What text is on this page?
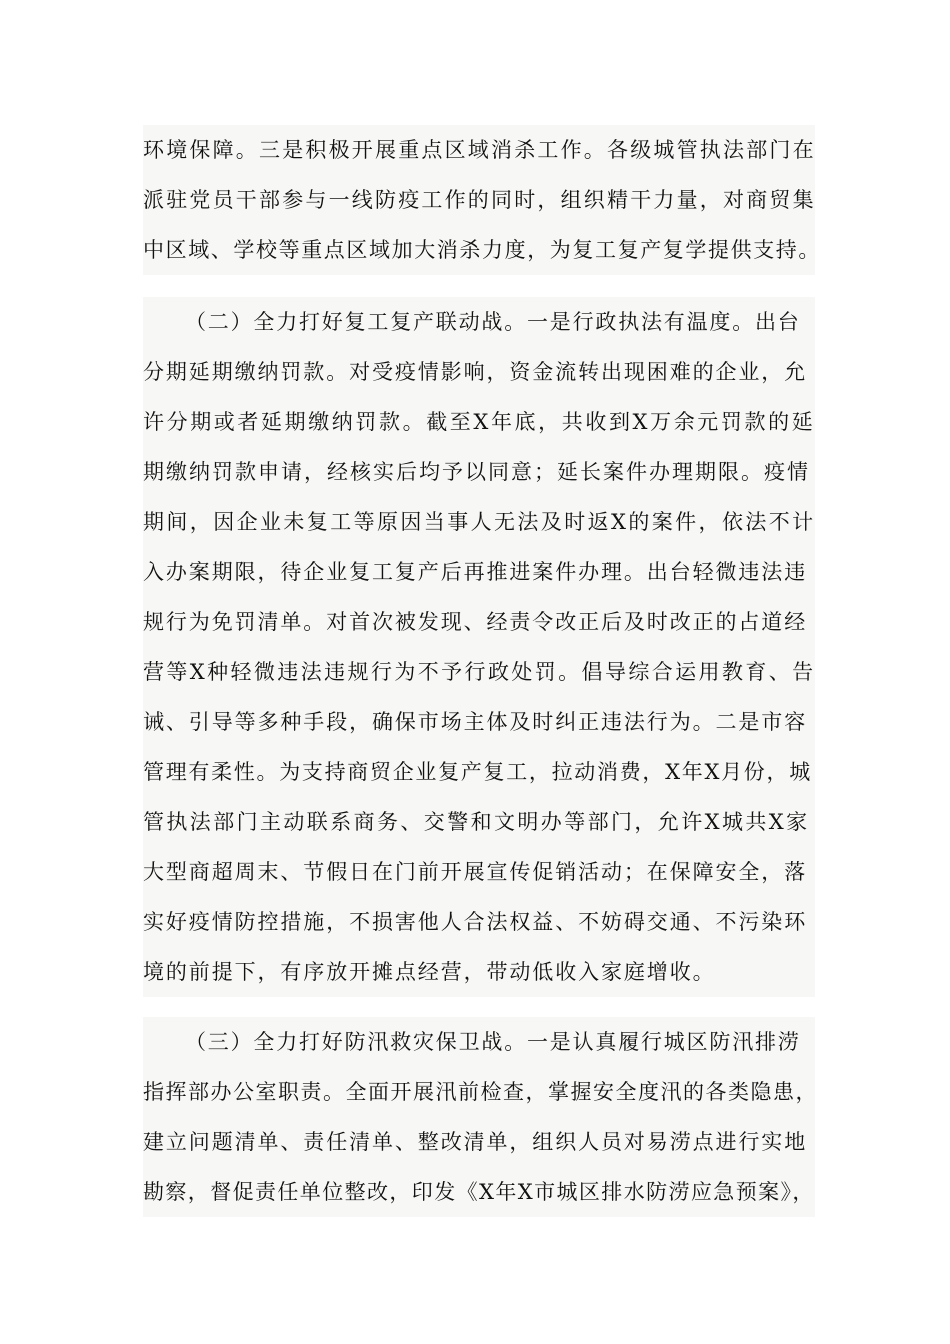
环境保障。三是积极开展重点区域消杀工作。各级城管执法部门在
派驻党员干部参与一线防疫工作的同时，组织精干力量，对商贸集
中区域、学校等重点区域加大消杀力度，为复工复产复学提供支持。
（二）全力打好复工复产联动战。一是行政执法有温度。出台
分期延期缴纳罚款。对受疫情影响，资金流转出现困难的企业，允
许分期或者延期缴纳罚款。截至X年底，共收到X万余元罚款的延
期缴纳罚款申请，经核实后均予以同意；延长案件办理期限。疫情
期间，因企业未复工等原因当事人无法及时返X的案件，依法不计
入办案期限，待企业复工复产后再推进案件办理。出台轻微违法违
规行为免罚清单。对首次被发现、经责令改正后及时改正的占道经
营等X种轻微违法违规行为不予行政处罚。倡导综合运用教育、告
诫、引导等多种手段，确保市场主体及时纠正违法行为。二是市容
管理有柔性。为支持商贸企业复产复工，拉动消费，X年X月份，城
管执法部门主动联系商务、交警和文明办等部门，允许X城共X家
大型商超周末、节假日在门前开展宣传促销活动；在保障安全，落
实好疫情防控措施，不损害他人合法权益、不妨碍交通、不污染环
境的前提下，有序放开摊点经营，带动低收入家庭增收。
（三）全力打好防汛救灾保卫战。一是认真履行城区防汛排涝
指挥部办公室职责。全面开展汛前检查，掌握安全度汛的各类隐患，
建立问题清单、责任清单、整改清单，组织人员对易涝点进行实地
勘察，督促责任单位整改，印发《X年X市城区排水防涝应急预案》，
